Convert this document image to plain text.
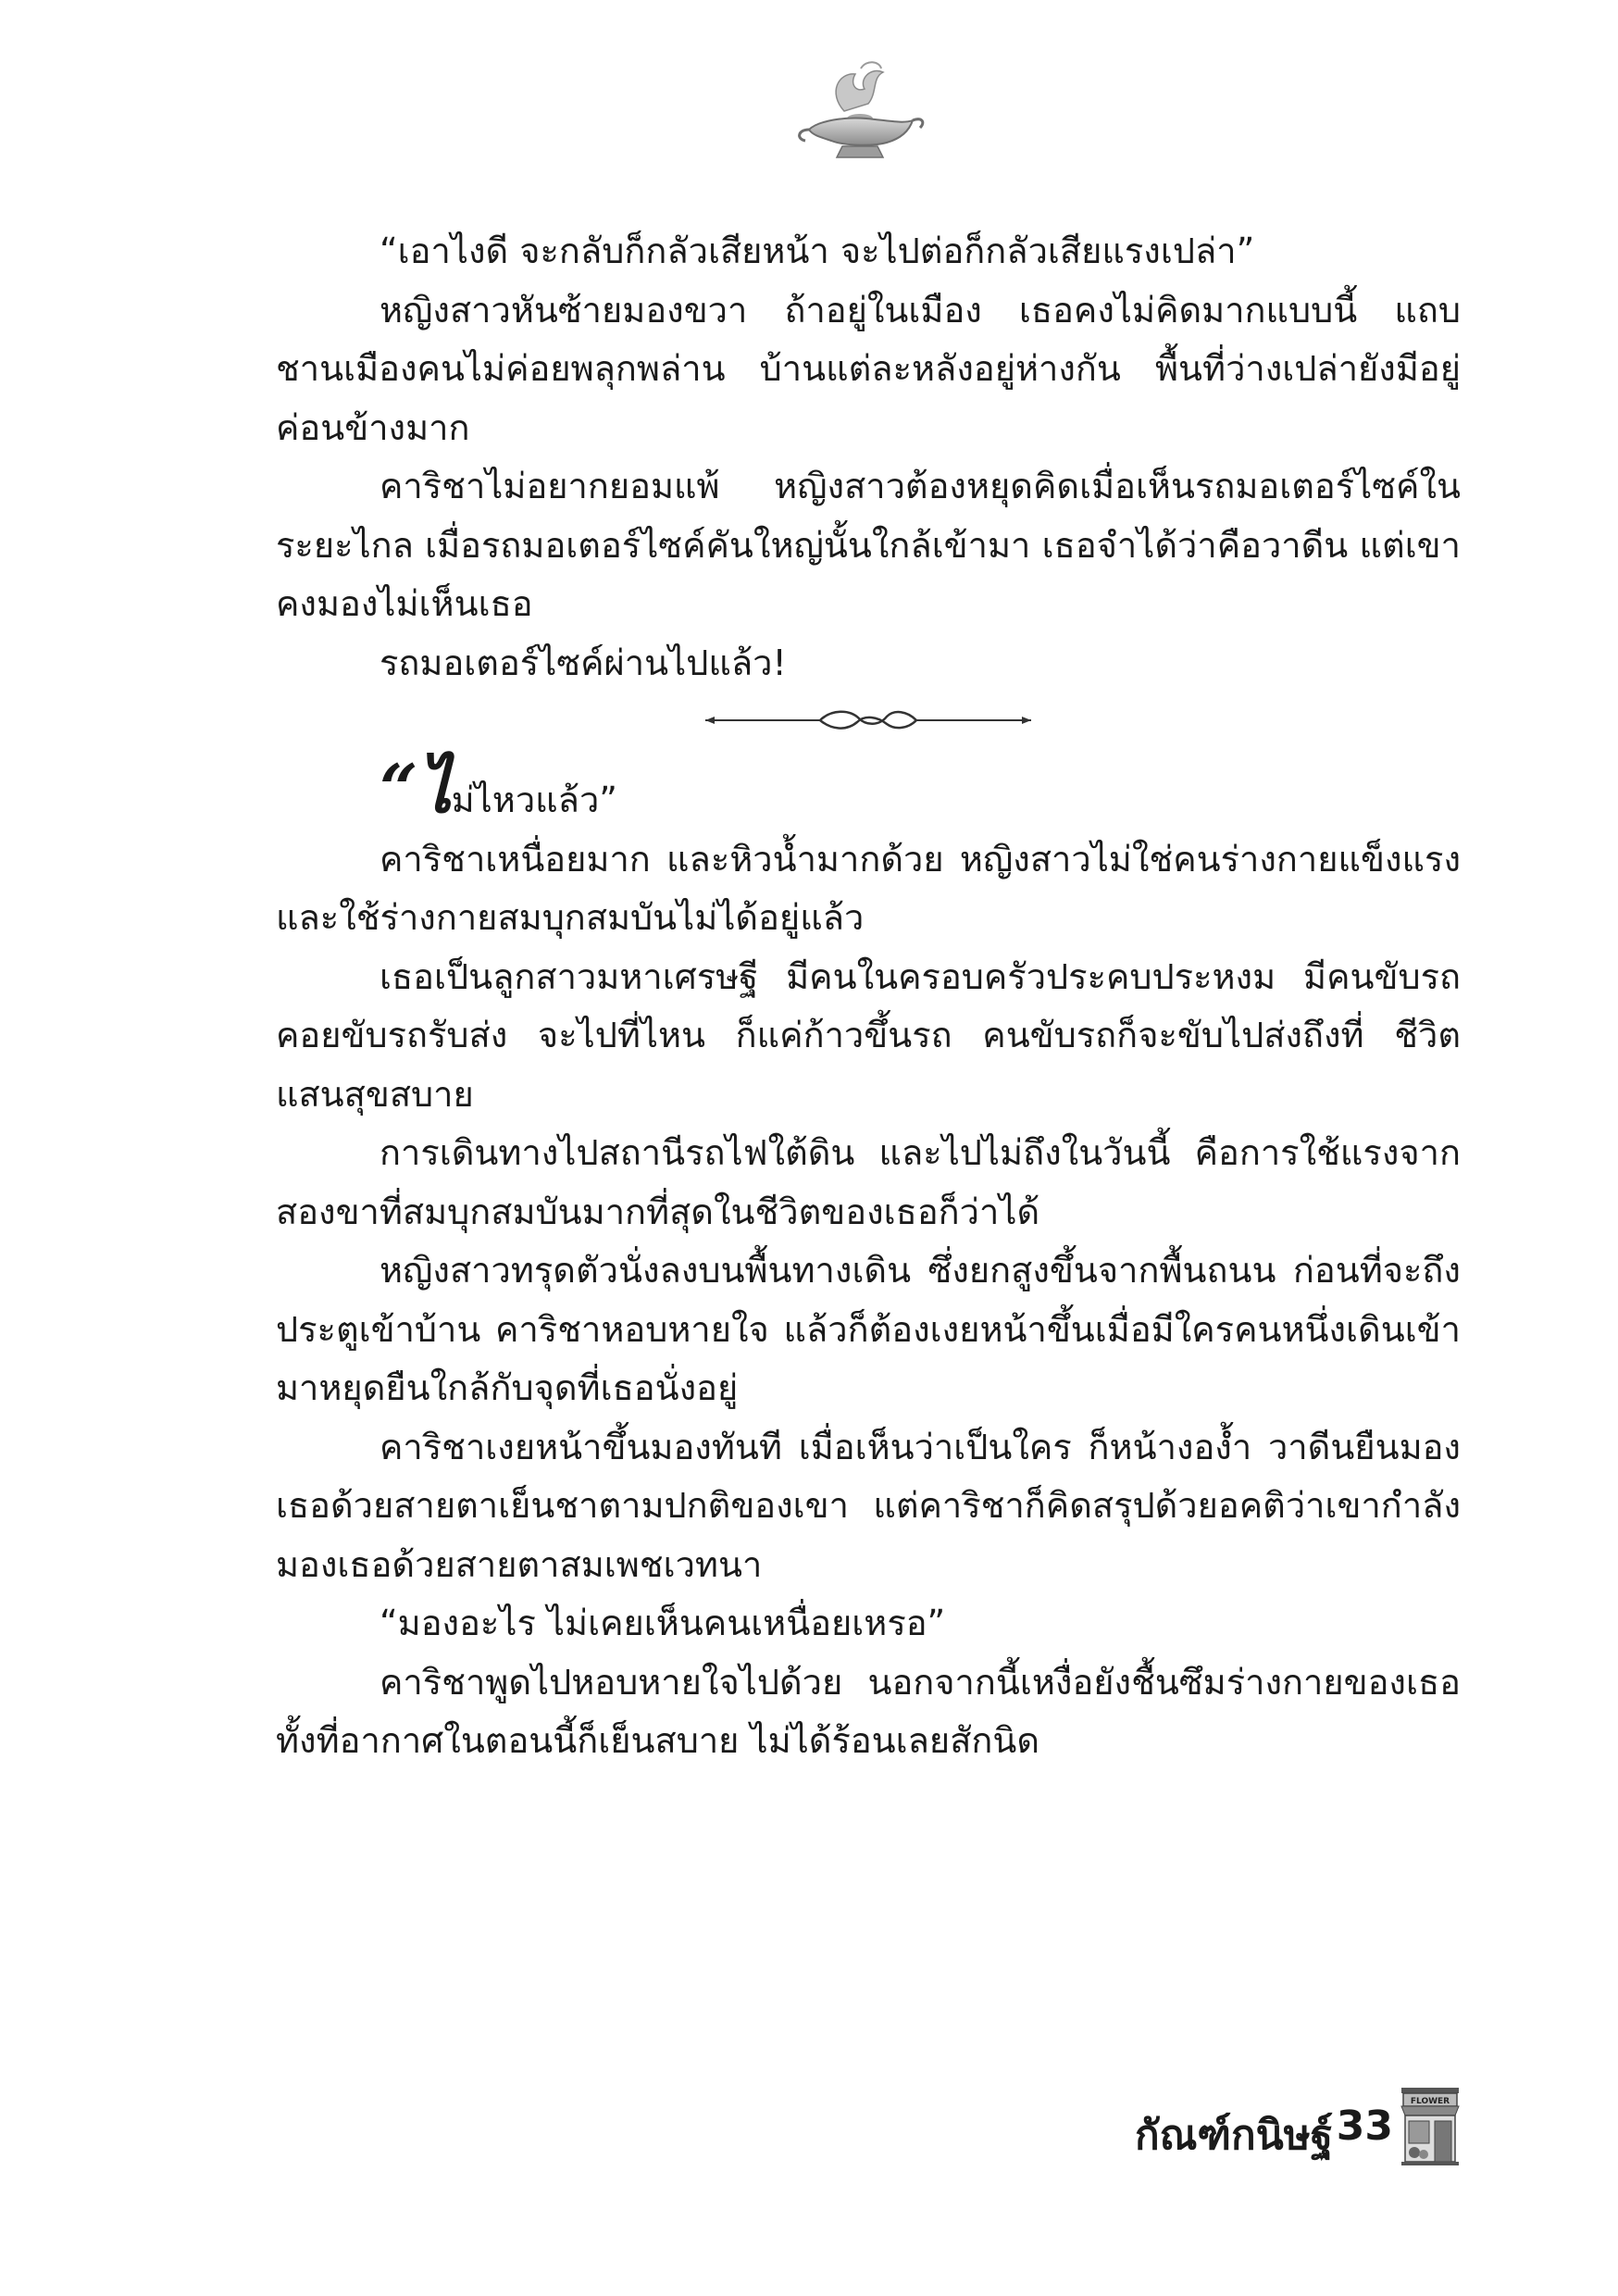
“เอาไงดี จะกลับก็กลัวเสียหน้า จะไปต่อก็กลัวเสียแรงเปล่า”

หญิงสาวหันซ้ายมองขวา ถ้าอยู่ในเมือง เธอคงไม่คิดมากแบบนี้ แถบชานเมืองคนไม่ค่อยพลุกพล่าน บ้านแต่ละหลังอยู่ห่างกัน พื้นที่ว่างเปล่ายังมีอยู่ค่อนข้างมาก

คาริชาไม่อยากยอมแพ้ หญิงสาวต้องหยุดคิดเมื่อเห็นรถมอเตอร์ไซค์ในระยะไกล เมื่อรถมอเตอร์ไซค์คันใหญ่นั้นใกล้เข้ามา เธอจำได้ว่าคือวาดีน แต่เขาคงมองไม่เห็นเธอ

รถมอเตอร์ไซค์ผ่านไปแล้ว!

“ไม่ไหวแล้ว”

คาริชาเหนื่อยมาก และหิวน้ำมากด้วย หญิงสาวไม่ใช่คนร่างกายแข็งแรง และใช้ร่างกายสมบุกสมบันไม่ได้อยู่แล้ว

เธอเป็นลูกสาวมหาเศรษฐี มีคนในครอบครัวประคบประหงม มีคนขับรถคอยขับรถรับส่ง จะไปที่ไหน ก็แค่ก้าวขึ้นรถ คนขับรถก็จะขับไปส่งถึงที่ ชีวิตแสนสุขสบาย

การเดินทางไปสถานีรถไฟใต้ดิน และไปไม่ถึงในวันนี้ คือการใช้แรงจากสองขาที่สมบุกสมบันมากที่สุดในชีวิตของเธอก็ว่าได้

หญิงสาวทรุดตัวนั่งลงบนพื้นทางเดิน ซึ่งยกสูงขึ้นจากพื้นถนน ก่อนที่จะถึงประตูเข้าบ้าน คาริชาหอบหายใจ แล้วก็ต้องเงยหน้าขึ้นเมื่อมีใครคนหนึ่งเดินเข้ามาหยุดยืนใกล้กับจุดที่เธอนั่งอยู่

คาริชาเงยหน้าขึ้นมองทันที เมื่อเห็นว่าเป็นใคร ก็หน้างอง้ำ วาดีนยืนมองเธอด้วยสายตาเย็นชาตามปกติของเขา แต่คาริชาก็คิดสรุปด้วยอคติว่าเขากำลังมองเธอด้วยสายตาสมเพชเวทนา

“มองอะไร ไม่เคยเห็นคนเหนื่อยเหรอ”

คาริชาพูดไปหอบหายใจไปด้วย นอกจากนี้เหงื่อยังชื้นซึมร่างกายของเธอ ทั้งที่อากาศในตอนนี้ก็เย็นสบาย ไม่ได้ร้อนเลยสักนิด

กัณฑ์กนิษฐ์ 33
FLOWER
